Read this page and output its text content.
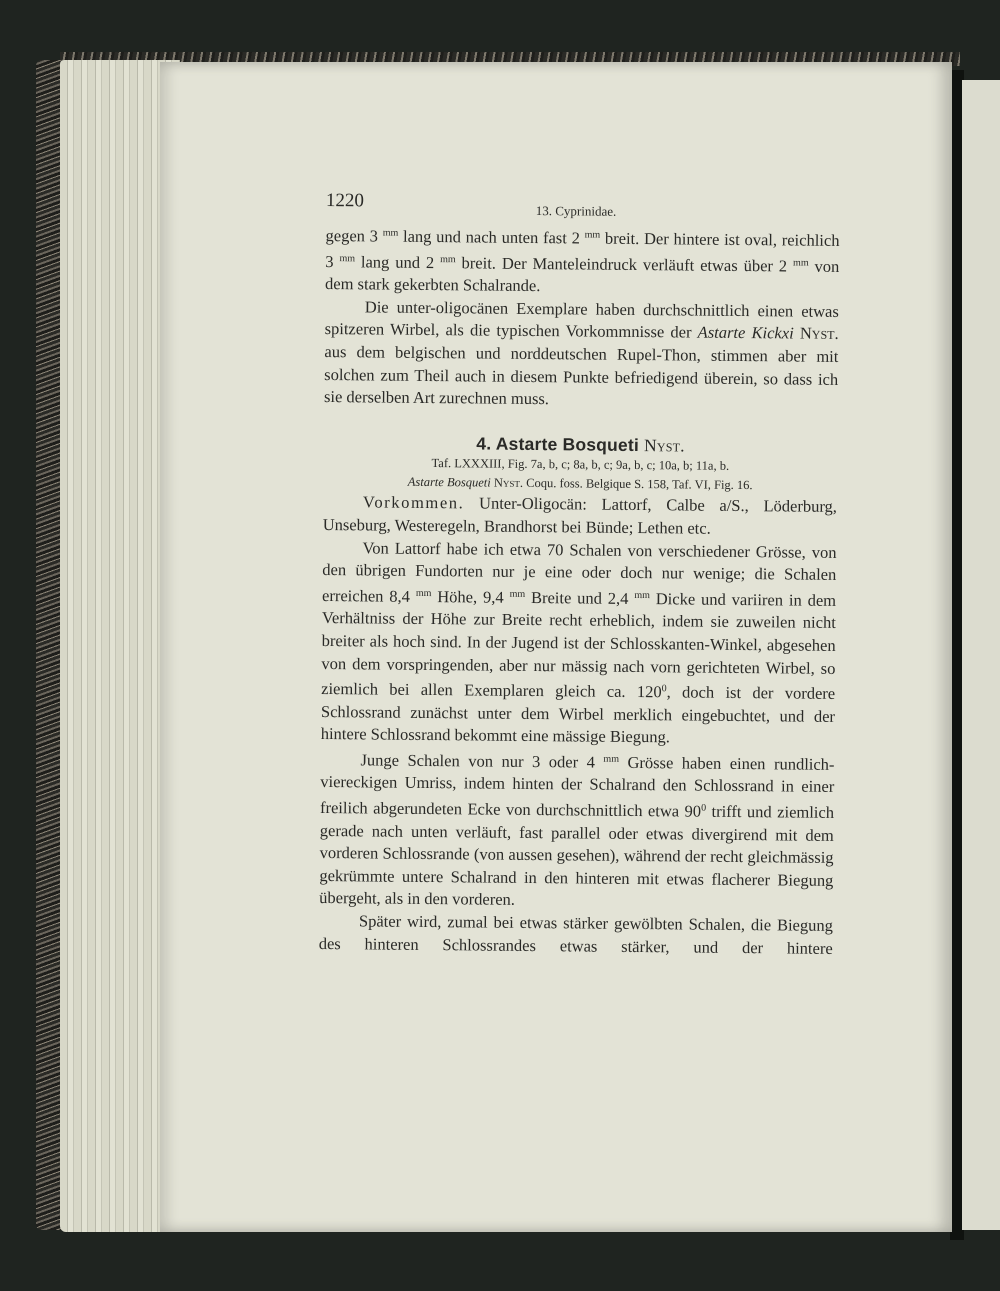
1220	13. Cyprinidae.

gegen 3 $^{mm}$ lang und nach unten fast 2 $^{mm}$ breit. Der hintere ist oval, reichlich 3 $^{mm}$ lang und 2 $^{mm}$ breit. Der Manteleindruck verläuft etwas über 2 $^{mm}$ von dem stark gekerbten Schalrande.

Die unter-oligocänen Exemplare haben durchschnittlich einen etwas spitzeren Wirbel, als die typischen Vorkommnisse der Astarte Kickxi Nyst. aus dem belgischen und norddeutschen Rupel-Thon, stimmen aber mit solchen zum Theil auch in diesem Punkte befriedigend überein, so dass ich sie derselben Art zurechnen muss.

4. Astarte Bosqueti Nyst.
Taf. LXXXIII, Fig. 7a, b, c; 8a, b, c; 9a, b, c; 10a, b; 11a, b.
Astarte Bosqueti Nyst. Coqu. foss. Belgique S. 158, Taf. VI, Fig. 16.

Vorkommen. Unter-Oligocän: Lattorf, Calbe a/S., Löderburg, Unseburg, Westeregeln, Brandhorst bei Bünde; Lethen etc.

Von Lattorf habe ich etwa 70 Schalen von verschiedener Grösse, von den übrigen Fundorten nur je eine oder doch nur wenige; die Schalen erreichen 8,4 $^{mm}$ Höhe, 9,4 $^{mm}$ Breite und 2,4 $^{mm}$ Dicke und variiren in dem Verhältniss der Höhe zur Breite recht erheblich, indem sie zuweilen nicht breiter als hoch sind. In der Jugend ist der Schlosskanten-Winkel, abgesehen von dem vorspringenden, aber nur mässig nach vorn gerichteten Wirbel, so ziemlich bei allen Exemplaren gleich ca. $120^0$, doch ist der vordere Schlossrand zunächst unter dem Wirbel merklich eingebuchtet, und der hintere Schlossrand bekommt eine mässige Biegung.

Junge Schalen von nur 3 oder 4 $^{mm}$ Grösse haben einen rundlich-viereckigen Umriss, indem hinten der Schalrand den Schlossrand in einer freilich abgerundeten Ecke von durchschnittlich etwa $90^0$ trifft und ziemlich gerade nach unten verläuft, fast parallel oder etwas divergirend mit dem vorderen Schlossrande (von aussen gesehen), während der recht gleichmässig gekrümmte untere Schalrand in den hinteren mit etwas flacherer Biegung übergeht, als in den vorderen.

Später wird, zumal bei etwas stärker gewölbten Schalen, die Biegung des hinteren Schlossrandes etwas stärker, und der hintere
